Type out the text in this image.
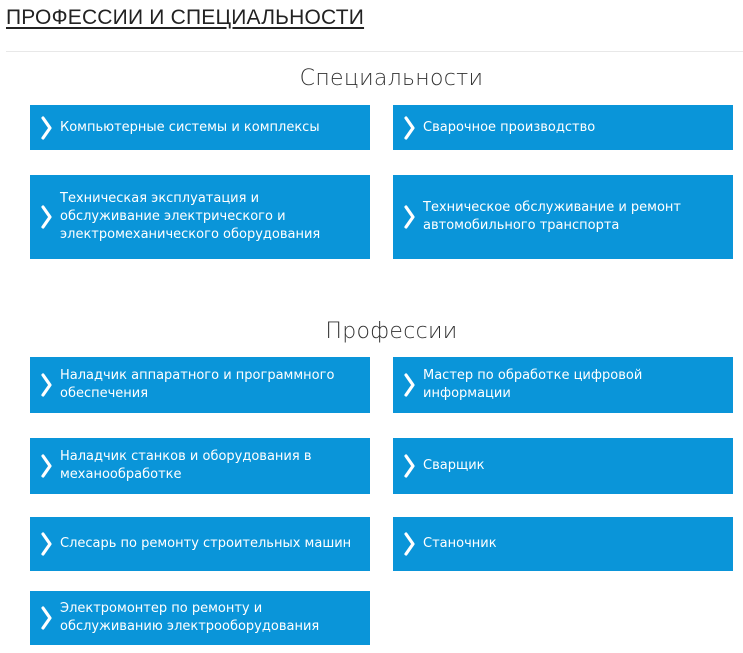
ПРОФЕССИИ И СПЕЦИАЛЬНОСТИ
Специальности
Компьютерные системы и комплексы	Сварочное производство
Техническая эксплуатация и обслуживание электрического и электромеханического оборудования
Техническое обслуживание и ремонт автомобильного транспорта
Профессии
Наладчик аппаратного и программного обеспечения
Мастер по обработке цифровой информации
Наладчик станков и оборудования в механообработке
Сварщик
Слесарь по ремонту строительных машин	Станочник
Электромонтер по ремонту и обслуживанию электрооборудования
